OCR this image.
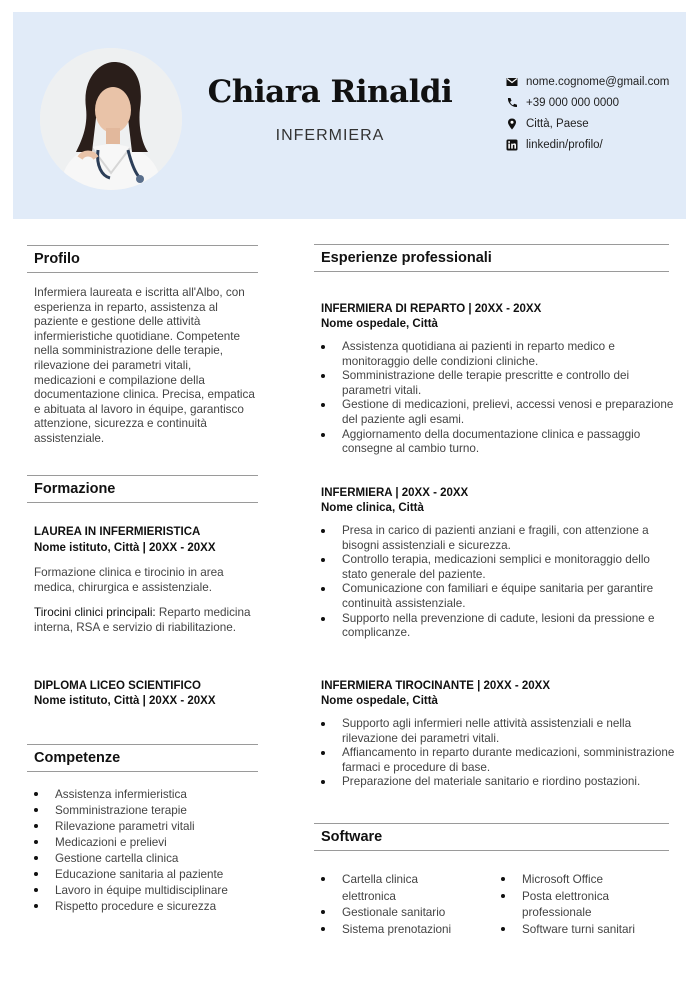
Chiara Rinaldi
INFERMIERA
nome.cognome@gmail.com
+39 000 000 0000
Città, Paese
linkedin/profilo/
Profilo
Infermiera laureata e iscritta all'Albo, con esperienza in reparto, assistenza al paziente e gestione delle attività infermieristiche quotidiane. Competente nella somministrazione delle terapie, rilevazione dei parametri vitali, medicazioni e compilazione della documentazione clinica. Precisa, empatica e abituata al lavoro in équipe, garantisco attenzione, sicurezza e continuità assistenziale.
Formazione
LAUREA IN INFERMIERISTICA
Nome istituto, Città | 20XX - 20XX
Formazione clinica e tirocinio in area medica, chirurgica e assistenziale.
Tirocini clinici principali: Reparto medicina interna, RSA e servizio di riabilitazione.
DIPLOMA LICEO SCIENTIFICO
Nome istituto, Città | 20XX - 20XX
Competenze
Assistenza infermieristica
Somministrazione terapie
Rilevazione parametri vitali
Medicazioni e prelievi
Gestione cartella clinica
Educazione sanitaria al paziente
Lavoro in équipe multidisciplinare
Rispetto procedure e sicurezza
Esperienze professionali
INFERMIERA DI REPARTO | 20XX - 20XX
Nome ospedale, Città
Assistenza quotidiana ai pazienti in reparto medico e monitoraggio delle condizioni cliniche.
Somministrazione delle terapie prescritte e controllo dei parametri vitali.
Gestione di medicazioni, prelievi, accessi venosi e preparazione del paziente agli esami.
Aggiornamento della documentazione clinica e passaggio consegne al cambio turno.
INFERMIERA | 20XX - 20XX
Nome clinica, Città
Presa in carico di pazienti anziani e fragili, con attenzione a bisogni assistenziali e sicurezza.
Controllo terapia, medicazioni semplici e monitoraggio dello stato generale del paziente.
Comunicazione con familiari e équipe sanitaria per garantire continuità assistenziale.
Supporto nella prevenzione di cadute, lesioni da pressione e complicanze.
INFERMIERA TIROCINANTE | 20XX - 20XX
Nome ospedale, Città
Supporto agli infermieri nelle attività assistenziali e nella rilevazione dei parametri vitali.
Affiancamento in reparto durante medicazioni, somministrazione farmaci e procedure di base.
Preparazione del materiale sanitario e riordino postazioni.
Software
Cartella clinica elettronica
Gestionale sanitario
Sistema prenotazioni
Microsoft Office
Posta elettronica professionale
Software turni sanitari
